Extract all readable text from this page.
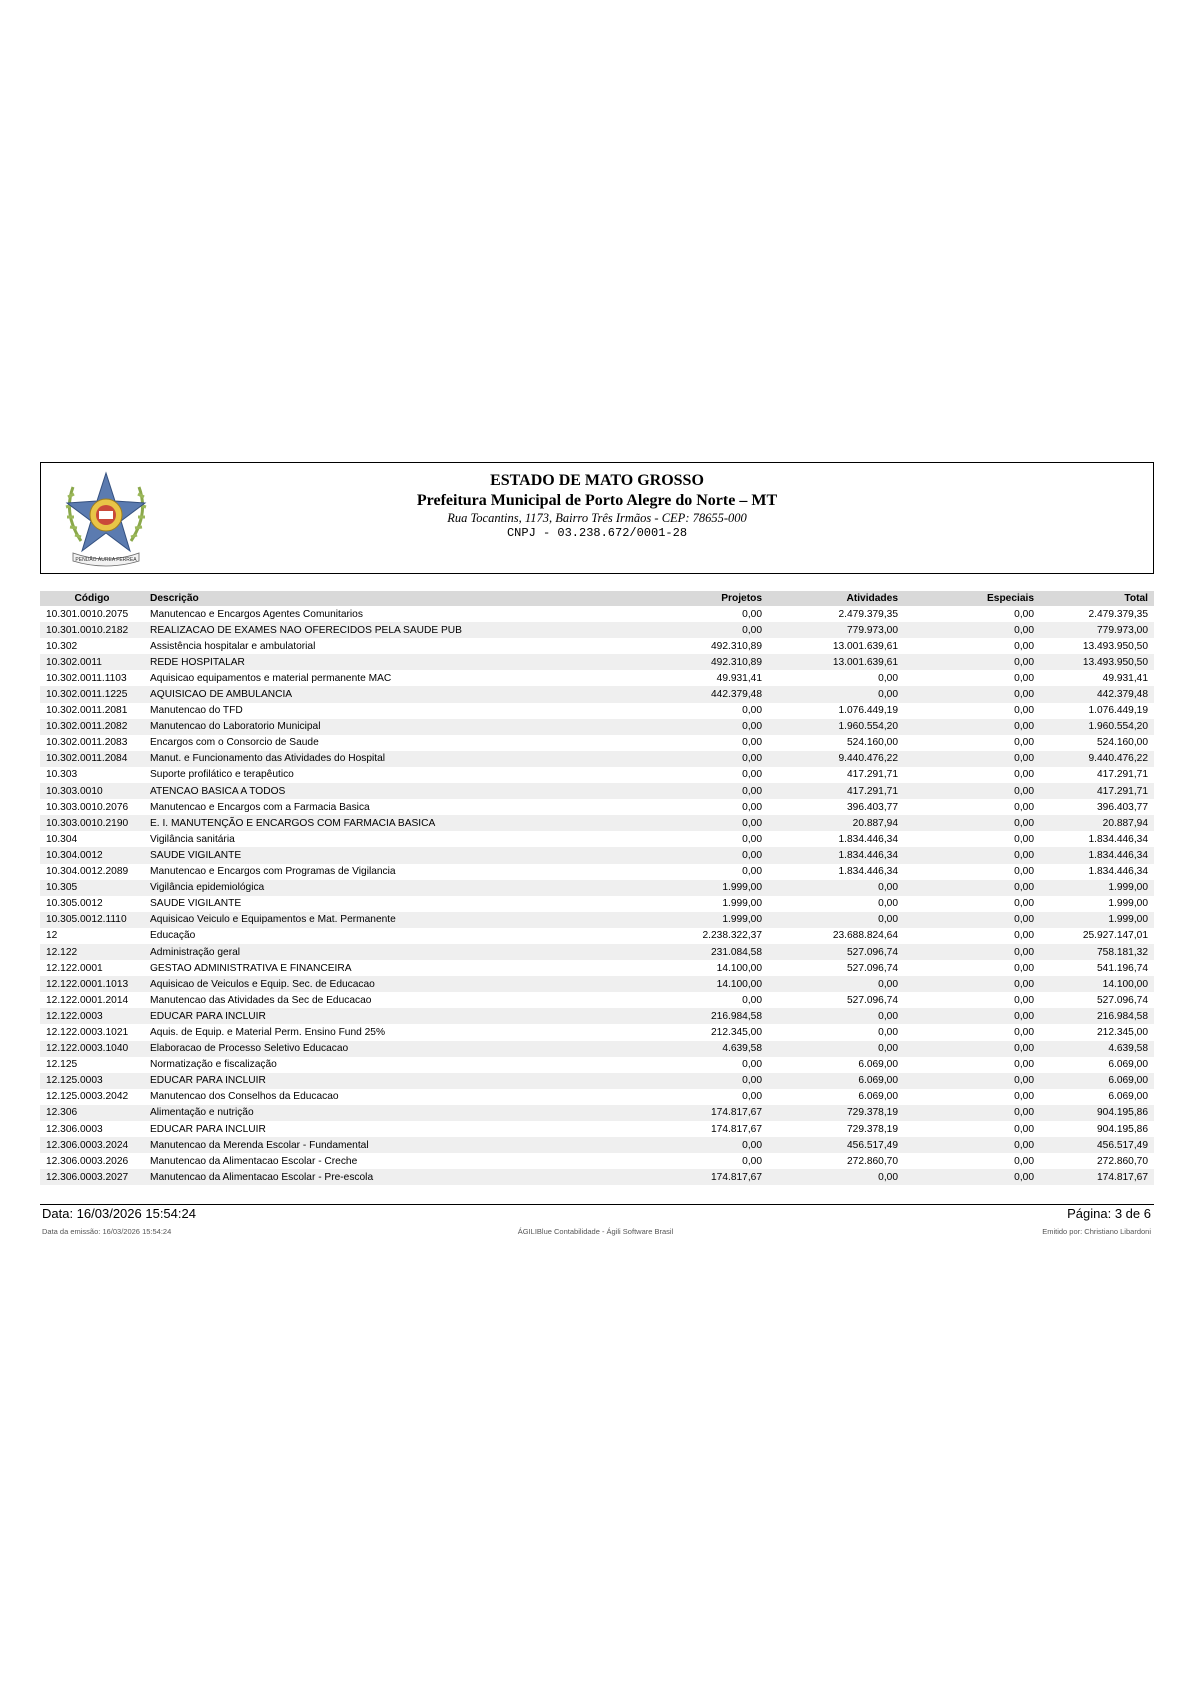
PENDÃO ÁUREA FERREA
ESTADO DE MATO GROSSO
Prefeitura Municipal de Porto Alegre do Norte – MT
Rua Tocantins, 1173, Bairro Três Irmãos - CEP: 78655-000
CNPJ - 03.238.672/0001-28
Código	Descrição	Projetos	Atividades	Especiais	Total
10.301.0010.2075	Manutencao e Encargos Agentes Comunitarios	0,00	2.479.379,35	0,00	2.479.379,35
10.301.0010.2182	REALIZACAO DE EXAMES NAO OFERECIDOS PELA SAUDE PUB	0,00	779.973,00	0,00	779.973,00
10.302	Assistência hospitalar e ambulatorial	492.310,89	13.001.639,61	0,00	13.493.950,50
10.302.0011	REDE HOSPITALAR	492.310,89	13.001.639,61	0,00	13.493.950,50
10.302.0011.1103	Aquisicao equipamentos e material permanente MAC	49.931,41	0,00	0,00	49.931,41
10.302.0011.1225	AQUISICAO DE AMBULANCIA	442.379,48	0,00	0,00	442.379,48
10.302.0011.2081	Manutencao do TFD	0,00	1.076.449,19	0,00	1.076.449,19
10.302.0011.2082	Manutencao do Laboratorio Municipal	0,00	1.960.554,20	0,00	1.960.554,20
10.302.0011.2083	Encargos com o Consorcio de Saude	0,00	524.160,00	0,00	524.160,00
10.302.0011.2084	Manut. e Funcionamento das Atividades do Hospital	0,00	9.440.476,22	0,00	9.440.476,22
10.303	Suporte profilático e terapêutico	0,00	417.291,71	0,00	417.291,71
10.303.0010	ATENCAO BASICA A TODOS	0,00	417.291,71	0,00	417.291,71
10.303.0010.2076	Manutencao e Encargos com a Farmacia Basica	0,00	396.403,77	0,00	396.403,77
10.303.0010.2190	E. I. MANUTENÇÃO E ENCARGOS COM FARMACIA BASICA	0,00	20.887,94	0,00	20.887,94
10.304	Vigilância sanitária	0,00	1.834.446,34	0,00	1.834.446,34
10.304.0012	SAUDE VIGILANTE	0,00	1.834.446,34	0,00	1.834.446,34
10.304.0012.2089	Manutencao e Encargos com Programas de Vigilancia	0,00	1.834.446,34	0,00	1.834.446,34
10.305	Vigilância epidemiológica	1.999,00	0,00	0,00	1.999,00
10.305.0012	SAUDE VIGILANTE	1.999,00	0,00	0,00	1.999,00
10.305.0012.1110	Aquisicao Veiculo e Equipamentos e Mat. Permanente	1.999,00	0,00	0,00	1.999,00
12	Educação	2.238.322,37	23.688.824,64	0,00	25.927.147,01
12.122	Administração geral	231.084,58	527.096,74	0,00	758.181,32
12.122.0001	GESTAO ADMINISTRATIVA E FINANCEIRA	14.100,00	527.096,74	0,00	541.196,74
12.122.0001.1013	Aquisicao de Veiculos e Equip. Sec. de Educacao	14.100,00	0,00	0,00	14.100,00
12.122.0001.2014	Manutencao das Atividades da Sec de Educacao	0,00	527.096,74	0,00	527.096,74
12.122.0003	EDUCAR PARA INCLUIR	216.984,58	0,00	0,00	216.984,58
12.122.0003.1021	Aquis. de Equip. e Material Perm. Ensino Fund 25%	212.345,00	0,00	0,00	212.345,00
12.122.0003.1040	Elaboracao de Processo Seletivo Educacao	4.639,58	0,00	0,00	4.639,58
12.125	Normatização e fiscalização	0,00	6.069,00	0,00	6.069,00
12.125.0003	EDUCAR PARA INCLUIR	0,00	6.069,00	0,00	6.069,00
12.125.0003.2042	Manutencao dos Conselhos da Educacao	0,00	6.069,00	0,00	6.069,00
12.306	Alimentação e nutrição	174.817,67	729.378,19	0,00	904.195,86
12.306.0003	EDUCAR PARA INCLUIR	174.817,67	729.378,19	0,00	904.195,86
12.306.0003.2024	Manutencao da Merenda Escolar - Fundamental	0,00	456.517,49	0,00	456.517,49
12.306.0003.2026	Manutencao da Alimentacao Escolar - Creche	0,00	272.860,70	0,00	272.860,70
12.306.0003.2027	Manutencao da Alimentacao Escolar - Pre-escola	174.817,67	0,00	0,00	174.817,67
Data: 16/03/2026 15:54:24	Página: 3 de 6
Data da emissão: 16/03/2026 15:54:24	ÁGILIBlue Contabilidade - Ágili Software Brasil	Emitido por: Christiano Libardoni
